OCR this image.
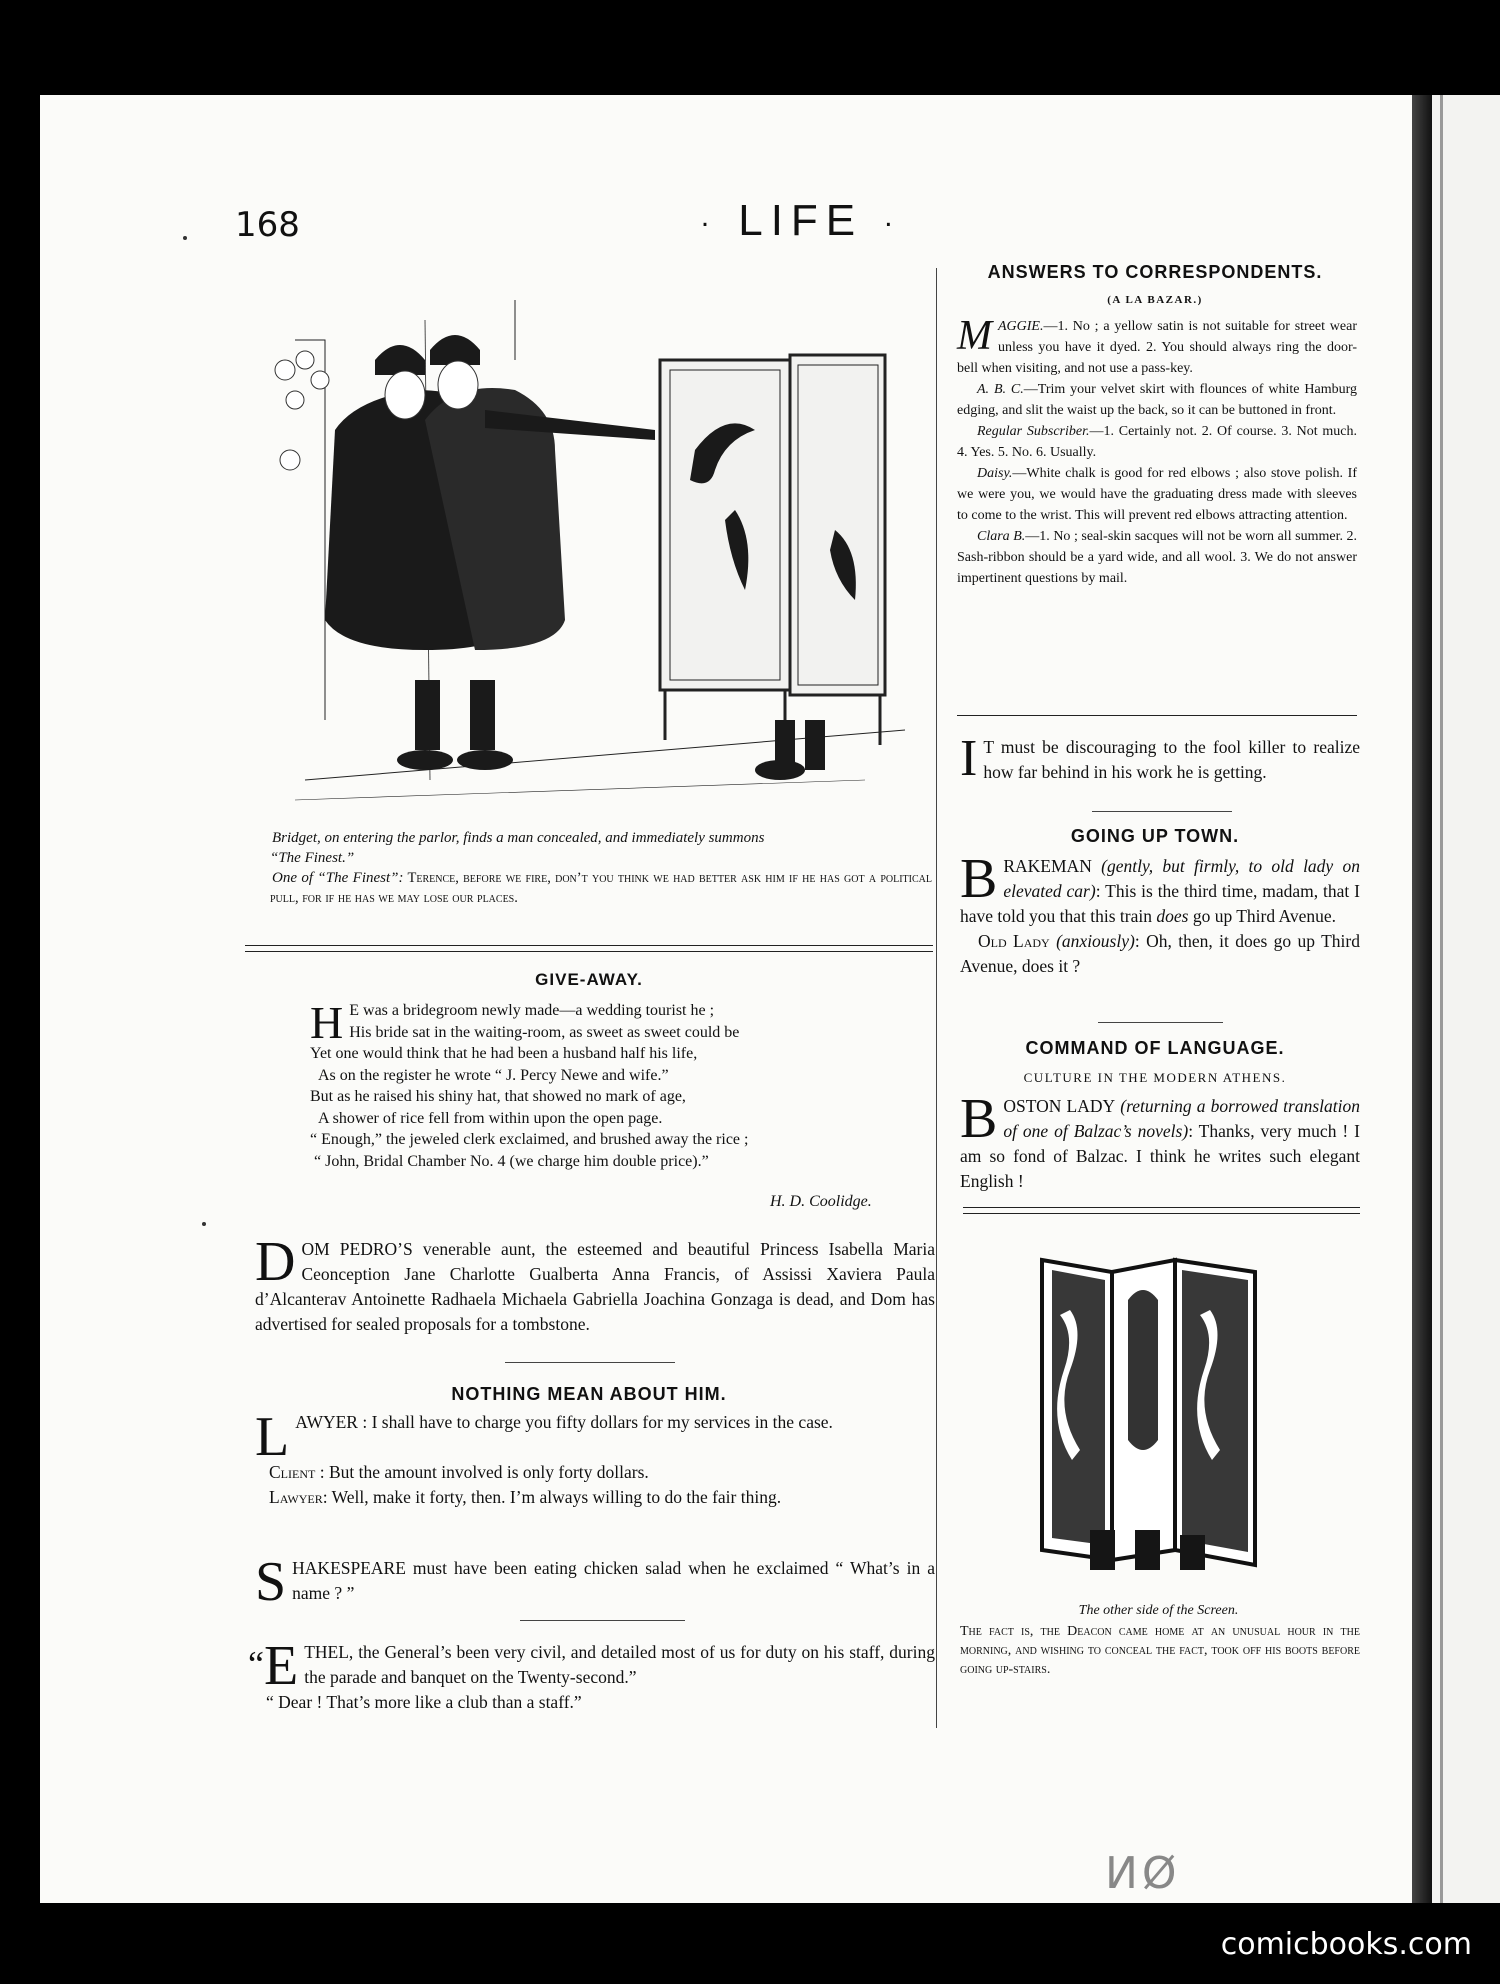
168	· LIFE ·
Bridget, on entering the parlor, finds a man concealed, and immediately summons
“The Finest.”
One of “The Finest”: Terence, before we fire, don’t you think we had better ask him if he has got a political pull, for if he has we may lose our places.
GIVE-AWAY.
H E was a bridegroom newly made—a wedding tourist he ;
His bride sat in the waiting-room, as sweet as sweet could be
Yet one would think that he had been a husband half his life,
As on the register he wrote “ J. Percy Newe and wife.”
But as he raised his shiny hat, that showed no mark of age,
A shower of rice fell from within upon the open page.
“ Enough,” the jeweled clerk exclaimed, and brushed away the rice ;
“ John, Bridal Chamber No. 4 (we charge him double price).”
H. D. Coolidge.
D OM PEDRO’S venerable aunt, the esteemed and beautiful Princess Isabella Maria Ceonception Jane Charlotte Gualberta Anna Francis, of Assissi Xaviera Paula d’Alcanterav Antoinette Radhaela Michaela Gabriella Joachina Gonzaga is dead, and Dom has advertised for sealed proposals for a tombstone.
NOTHING MEAN ABOUT HIM.
L AWYER : I shall have to charge you fifty dollars for my services in the case.
Client : But the amount involved is only forty dollars.
Lawyer: Well, make it forty, then. I’m always willing to do the fair thing.
S HAKESPEARE must have been eating chicken salad when he exclaimed “ What’s in a name ? ”
“ E THEL, the General’s been very civil, and detailed most of us for duty on his staff, during the parade and banquet on the Twenty-second.”
“ Dear ! That’s more like a club than a staff.”
ANSWERS TO CORRESPONDENTS.
(A LA BAZAR.)
M AGGIE.—1. No ; a yellow satin is not suitable for street wear unless you have it dyed. 2. You should always ring the door-bell when visiting, and not use a pass-key.
A. B. C.—Trim your velvet skirt with flounces of white Hamburg edging, and slit the waist up the back, so it can be buttoned in front.
Regular Subscriber.—1. Certainly not. 2. Of course. 3. Not much. 4. Yes. 5. No. 6. Usually.
Daisy.—White chalk is good for red elbows ; also stove polish. If we were you, we would have the graduating dress made with sleeves to come to the wrist. This will prevent red elbows attracting attention.
Clara B.—1. No ; seal-skin sacques will not be worn all summer. 2. Sash-ribbon should be a yard wide, and all wool. 3. We do not answer impertinent questions by mail.
I T must be discouraging to the fool killer to realize how far behind in his work he is getting.
GOING UP TOWN.
B RAKEMAN (gently, but firmly, to old lady on elevated car): This is the third time, madam, that I have told you that this train does go up Third Avenue.
Old Lady (anxiously): Oh, then, it does go up Third Avenue, does it ?
COMMAND OF LANGUAGE.
CULTURE IN THE MODERN ATHENS.
B OSTON LADY (returning a borrowed translation of one of Balzac’s novels): Thanks, very much ! I am so fond of Balzac. I think he writes such elegant English !
The other side of the Screen.
The fact is, the Deacon came home at an unusual hour in the morning, and wishing to conceal the fact, took off his boots before going up-stairs.
ИØ
comicbooks.com
